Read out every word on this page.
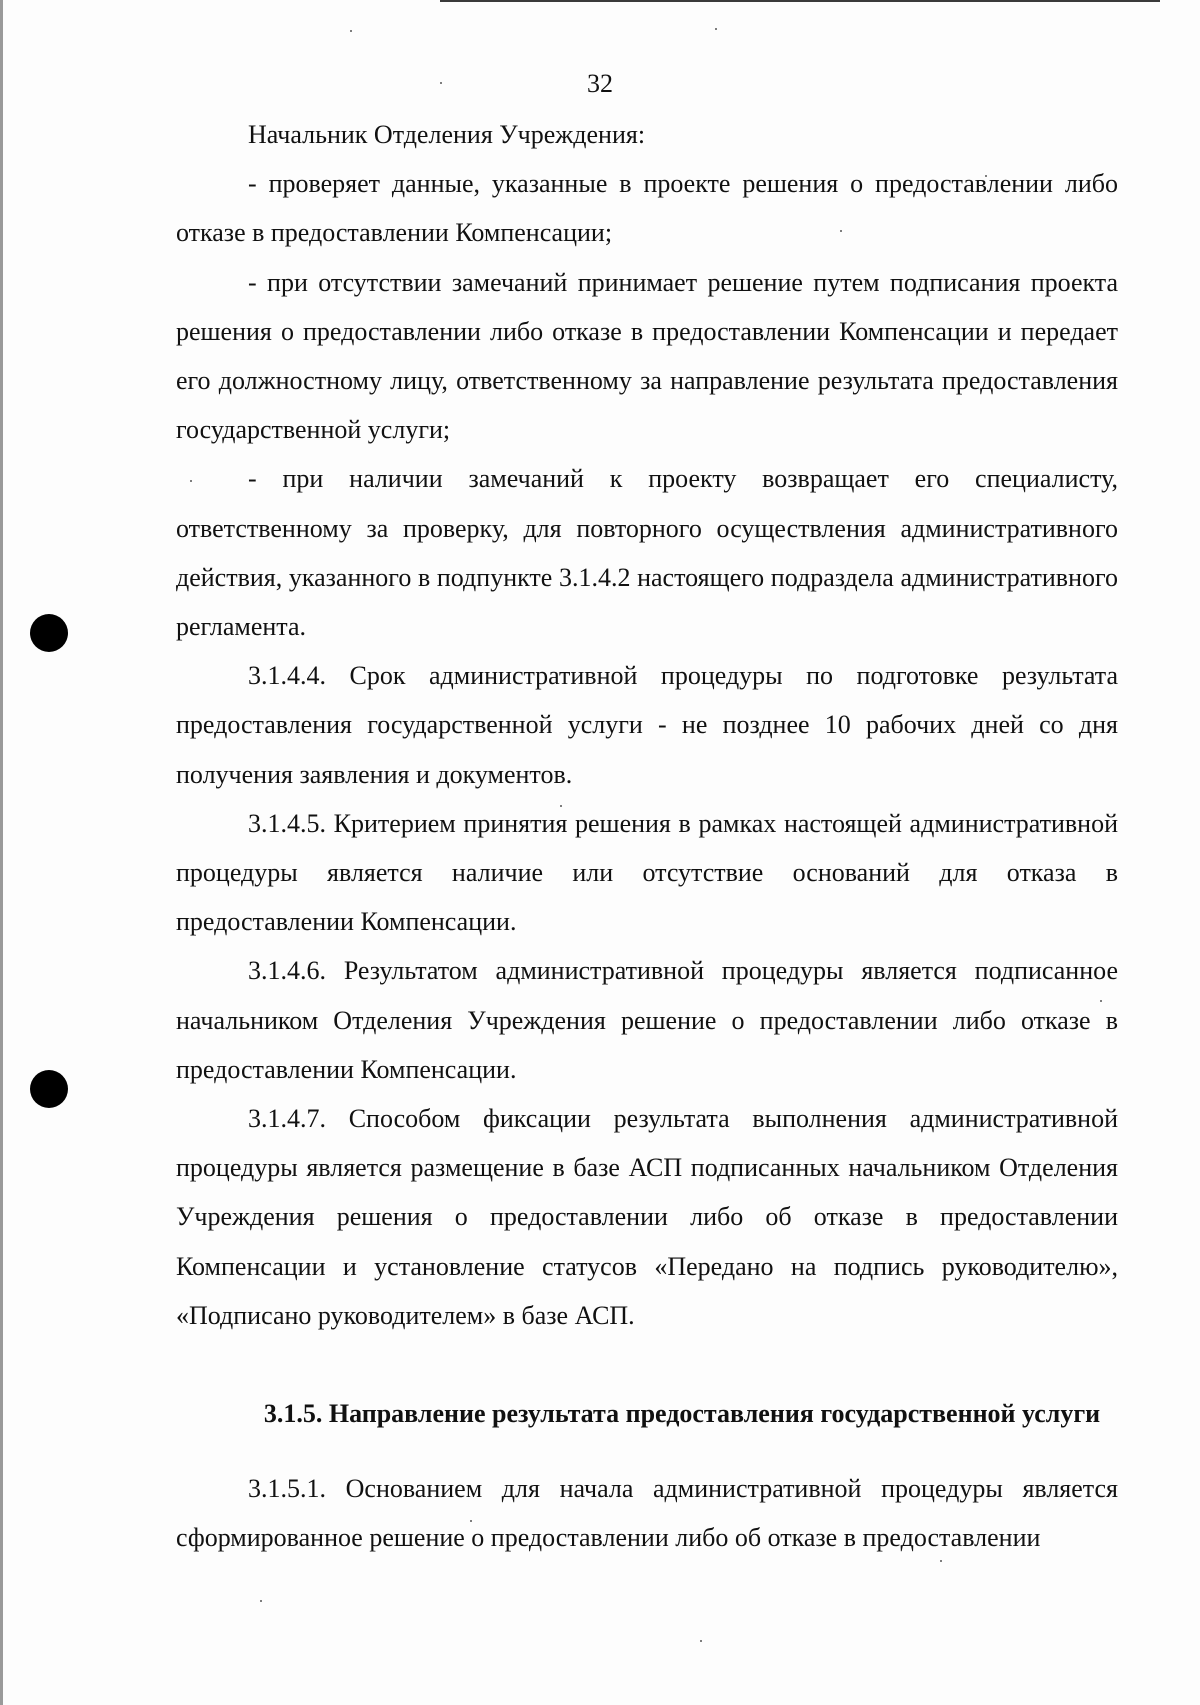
32

Начальник Отделения Учреждения:

- проверяет данные, указанные в проекте решения о предоставлении либо отказе в предоставлении Компенсации;

- при отсутствии замечаний принимает решение путем подписания проекта решения о предоставлении либо отказе в предоставлении Компенсации и передает его должностному лицу, ответственному за направление результата предоставления государственной услуги;

- при наличии замечаний к проекту возвращает его специалисту, ответственному за проверку, для повторного осуществления административного действия, указанного в подпункте 3.1.4.2 настоящего подраздела административного регламента.

3.1.4.4. Срок административной процедуры по подготовке результата предоставления государственной услуги - не позднее 10 рабочих дней со дня получения заявления и документов.

3.1.4.5. Критерием принятия решения в рамках настоящей административной процедуры является наличие или отсутствие оснований для отказа в предоставлении Компенсации.

3.1.4.6. Результатом административной процедуры является подписанное начальником Отделения Учреждения решение о предоставлении либо отказе в предоставлении Компенсации.

3.1.4.7. Способом фиксации результата выполнения административной процедуры является размещение в базе АСП подписанных начальником Отделения Учреждения решения о предоставлении либо об отказе в предоставлении Компенсации и установление статусов «Передано на подпись руководителю», «Подписано руководителем» в базе АСП.

3.1.5. Направление результата предоставления государственной услуги

3.1.5.1. Основанием для начала административной процедуры является сформированное решение о предоставлении либо об отказе в предоставлении
